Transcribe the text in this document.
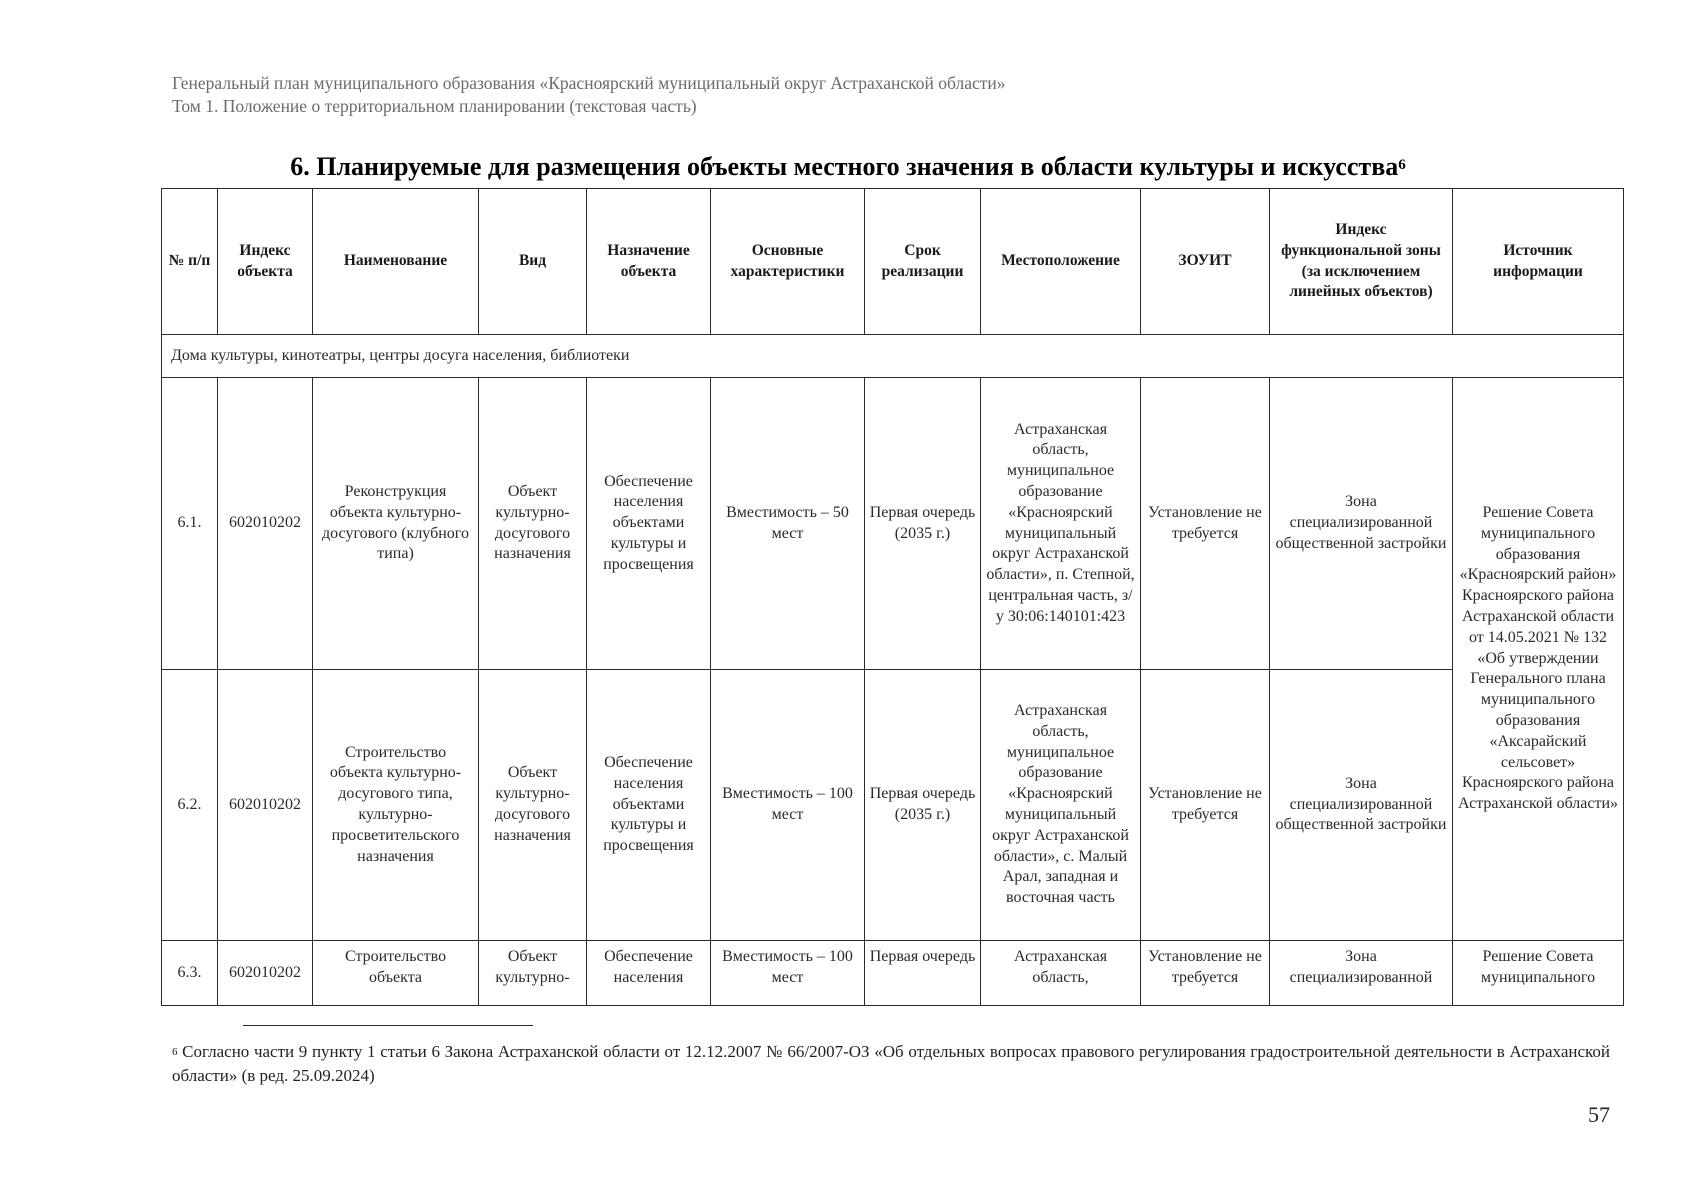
Генеральный план муниципального образования «Красноярский муниципальный округ Астраханской области»
Том 1. Положение о территориальном планировании (текстовая часть)
6. Планируемые для размещения объекты местного значения в области культуры и искусства$^6$
№ п/п	Индекс объекта	Наименование	Вид	Назначение объекта	Основные характеристики	Срок реализации	Местоположение	ЗОУИТ	Индекс функциональной зоны (за исключением линейных объектов)	Источник информации
Дома культуры, кинотеатры, центры досуга населения, библиотеки										
6.1.	602010202	Реконструкция объекта культурно-досугового (клубного типа)	Объект культурно-досугового назначения	Обеспечение населения объектами культуры и просвещения	Вместимость – 50 мест	Первая очередь (2035 г.)	Астраханская область, муниципальное образование «Красноярский муниципальный округ Астраханской области», п. Степной, центральная часть, з/у 30:06:140101:423	Установление не требуется	Зона специализированной общественной застройки	Решение Совета муниципального образования «Красноярский район» Красноярского района Астраханской области от 14.05.2021 № 132 «Об утверждении Генерального плана муниципального образования «Аксарайский сельсовет» Красноярского района Астраханской области»
6.2.	602010202	Строительство объекта культурно-досугового типа, культурно-просветительского назначения	Объект культурно-досугового назначения	Обеспечение населения объектами культуры и просвещения	Вместимость – 100 мест	Первая очередь (2035 г.)	Астраханская область, муниципальное образование «Красноярский муниципальный округ Астраханской области», с. Малый Арал, западная и восточная часть	Установление не требуется	Зона специализированной общественной застройки	
6.3.	602010202	Строительство объекта	Объект культурно-	Обеспечение населения	Вместимость – 100 мест	Первая очередь	Астраханская область,	Установление не требуется	Зона специализированной	Решение Совета муниципального
$^6$ Согласно части 9 пункту 1 статьи 6 Закона Астраханской области от 12.12.2007 № 66/2007-ОЗ «Об отдельных вопросах правового регулирования градостроительной деятельности в Астраханской области» (в ред. 25.09.2024)
57
